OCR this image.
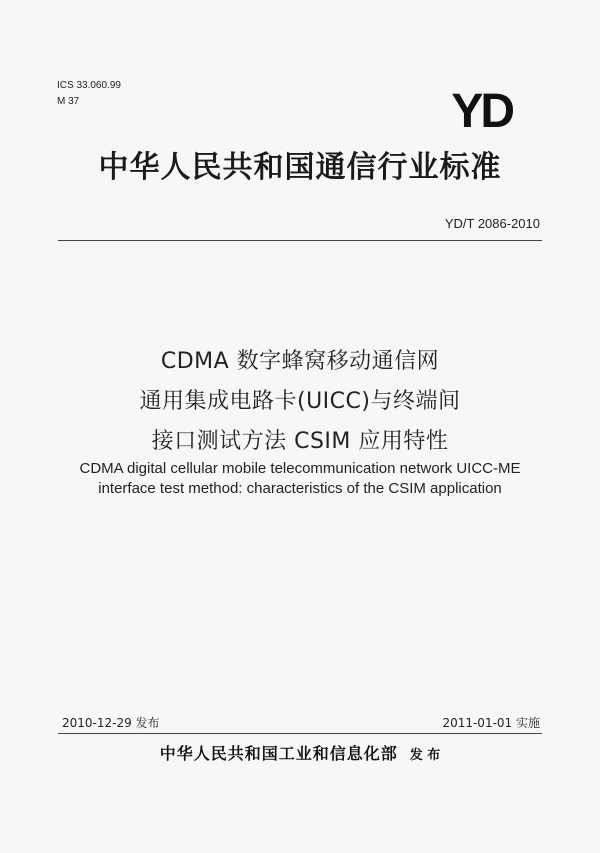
ICS 33.060.99
M 37	YD
中华人民共和国通信行业标准
YD/T 2086-2010
CDMA 数字蜂窝移动通信网
通用集成电路卡(UICC)与终端间
接口测试方法 CSIM 应用特性
CDMA digital cellular mobile telecommunication network UICC-ME
interface test method: characteristics of the CSIM application
2010-12-29 发布	2011-01-01 实施
中华人民共和国工业和信息化部 发 布
